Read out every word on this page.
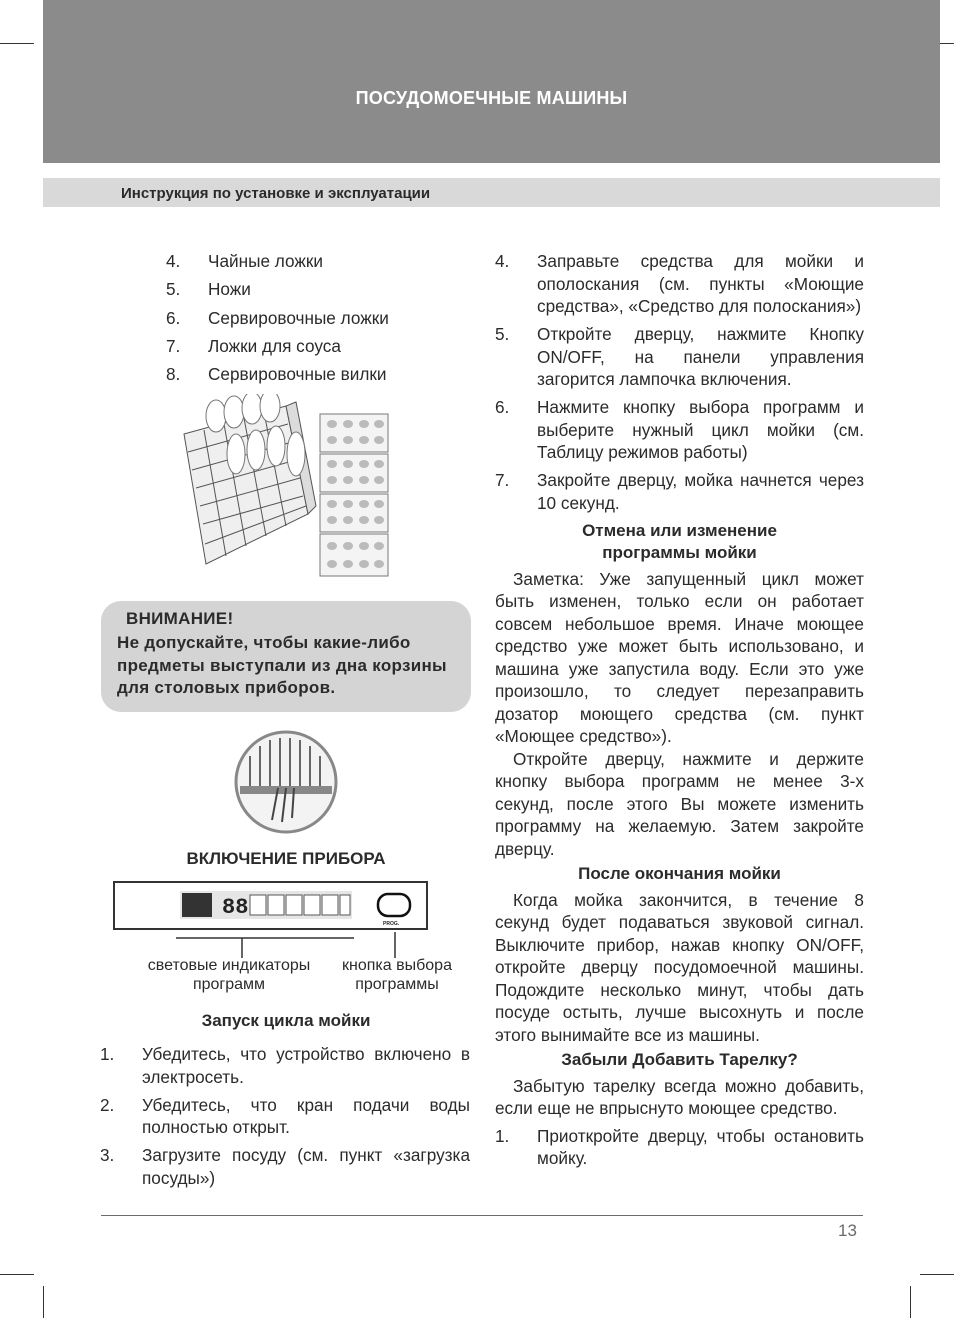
ПОСУДОМОЕЧНЫЕ МАШИНЫ
Инструкция по установке и эксплуатации
4. Чайные ложки
5. Ножи
6. Сервировочные ложки
7. Ложки для соуса
8. Сервировочные вилки
ВНИМАНИЕ!
Не допускайте, чтобы какие-либо предметы выступали из дна корзины для столовых приборов.
ВКЛЮЧЕНИЕ ПРИБОРА
88
PROG.
световые индикаторы программ
кнопка выбора программы
Запуск цикла мойки
1. Убедитесь, что устройство включено в электросеть.
2. Убедитесь, что кран подачи воды полностью открыт.
3. Загрузите посуду (см. пункт «загрузка посуды»)
4. Заправьте средства для мойки и ополоскания (см. пункты «Моющие средства», «Средство для полоскания»)
5. Откройте дверцу, нажмите Кнопку ON/OFF, на панели управления загорится лампочка включения.
6. Нажмите кнопку выбора программ и выберите нужный цикл мойки (см. Таблицу режимов работы)
7. Закройте дверцу, мойка начнется через 10 секунд.
Отмена или изменение программы мойки

Заметка: Уже запущенный цикл может быть изменен, только если он работает совсем небольшое время. Иначе моющее средство уже может быть использовано, и машина уже запустила воду. Если это уже произошло, то следует перезаправить дозатор моющего средства (см. пункт «Моющее средство»).

Откройте дверцу, нажмите и держите кнопку выбора программ не менее 3-х секунд, после этого Вы можете изменить программу на желаемую. Затем закройте дверцу.

После окончания мойки

Когда мойка закончится, в течение 8 секунд будет подаваться звуковой сигнал. Выключите прибор, нажав кнопку ON/OFF, откройте дверцу посудомоечной машины. Подождите несколько минут, чтобы дать посуде остыть, лучше высохнуть и после этого вынимайте все из машины.

Забыли Добавить Тарелку?

Забытую тарелку всегда можно добавить, если еще не впрыснуто моющее средство.

1. Приоткройте дверцу, чтобы остановить мойку.
13
